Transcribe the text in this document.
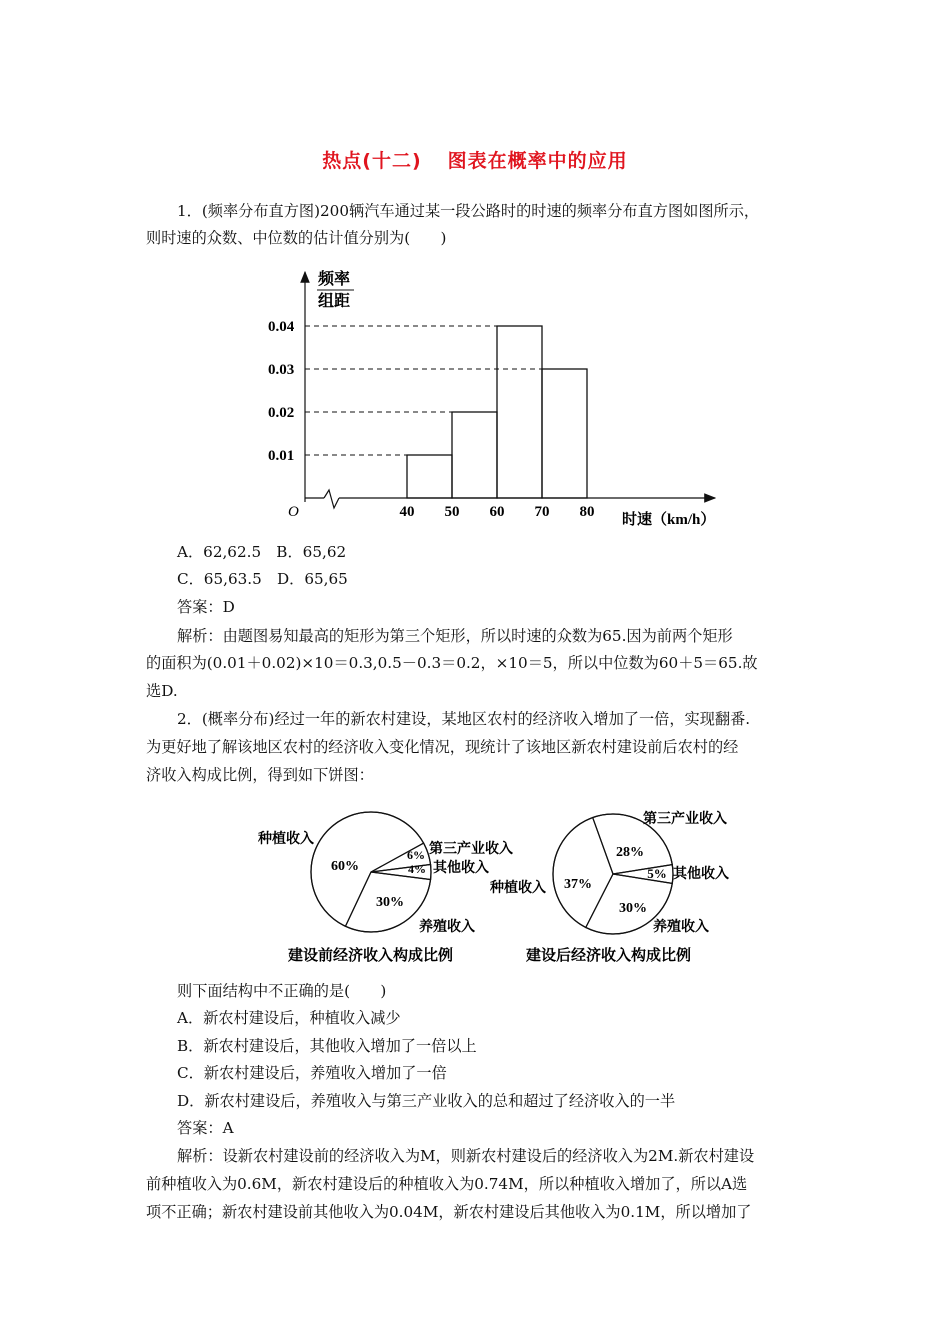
热点(十二) 图表在概率中的应用
1．(频率分布直方图)200辆汽车通过某一段公路时的时速的频率分布直方图如图所示，
则时速的众数、中位数的估计值分别为(　　)
0.01
0.02
0.03
0.04
40 50 60 70 80
频率
组距
O	时速（km/h）
A．62,62.5　B．65,62
C．65,63.5　D．65,65
答案：D
解析：由题图易知最高的矩形为第三个矩形，所以时速的众数为65.因为前两个矩形
的面积为(0.01＋0.02)×10＝0.3,0.5－0.3＝0.2，×10＝5，所以中位数为60＋5＝65.故
选D.
2．(概率分布)经过一年的新农村建设，某地区农村的经济收入增加了一倍，实现翻番.
为更好地了解该地区农村的经济收入变化情况，现统计了该地区新农村建设前后农村的经
济收入构成比例，得到如下饼图：
60%
6%
4%
30%
种植收入
第三产业收入
其他收入
养殖收入
建设前经济收入构成比例
37%
28%
5%
30%
第三产业收入
其他收入
种植收入
养殖收入
建设后经济收入构成比例
则下面结构中不正确的是(　　)
A．新农村建设后，种植收入减少
B．新农村建设后，其他收入增加了一倍以上
C．新农村建设后，养殖收入增加了一倍
D．新农村建设后，养殖收入与第三产业收入的总和超过了经济收入的一半
答案：A
解析：设新农村建设前的经济收入为M，则新农村建设后的经济收入为2M.新农村建设
前种植收入为0.6M，新农村建设后的种植收入为0.74M，所以种植收入增加了，所以A选
项不正确；新农村建设前其他收入为0.04M，新农村建设后其他收入为0.1M，所以增加了
